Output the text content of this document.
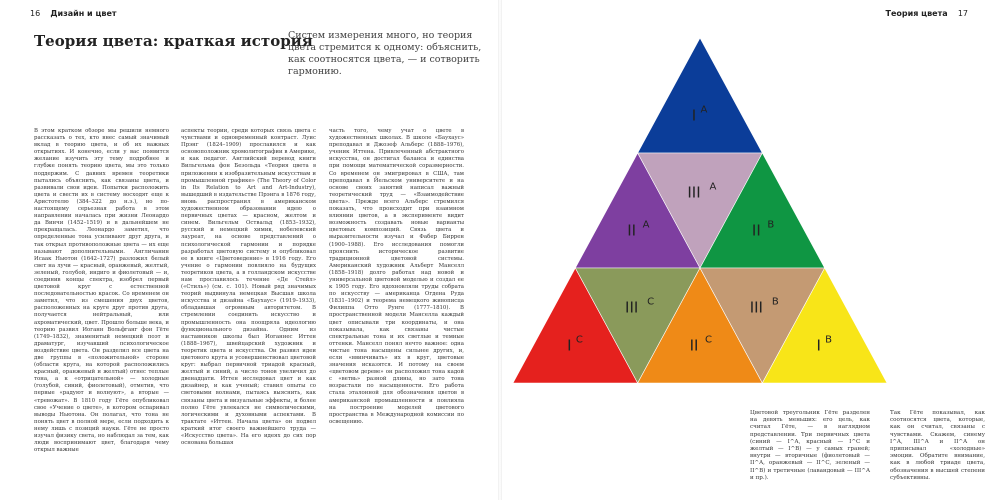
16 Дизайн и цвет
Теория цвета: краткая история
Систем измерения много, но теория цвета стремится к одному: объяснить, как соотносятся цвета, — и сотворить гармонию.
В этом кратком обзоре мы решили немного рассказать о тех, кто внес самый значимый вклад в теорию цвета, и об их важных открытиях. И конечно, если у вас появится желание изучить эту тему подробнее и глубже понять теорию цвета, мы это только поддержим. С давних времен теоретики пытались объяснить, как связаны цвета, и развивали свои идеи. Попытки расположить цвета и свести их в систему восходят еще к Аристотелю (384–322 до н.э.), но по-настоящему серьезная работа в этом направлении началась при жизни Леонардо да Винчи (1452–1519) и в дальнейшем не прекращалась. Леонардо заметил, что определенные тона усиливают друг друга, и так открыл противоположные цвета — их еще называют дополнительными. Англичанин Исаак Ньютон (1642–1727) разложил белый свет на лучи — красный, оранжевый, желтый, зеленый, голубой, индиго и фиолетовый — и, соединив концы спектра, изобрел первый цветовой круг с естественной последовательностью красок. Со временем он заметил, что из смешения двух цветов, расположенных на круге друг против друга, получается нейтральный, или ахроматический, цвет. Прошло больше века, и теорию развил Иоганн Вольфганг фон Гёте (1749–1832), знаменитый немецкий поэт и драматург, изучавший психологическое воздействие цвета. Он разделил все цвета на две группы в «положительной» стороне (области круга, на которой расположились красный, оранжевый и желтый) отнес теплые тона, а к «отрицательной» — холодные (голубой, синий, фиолетовый), отметив, что первые «радуют и волнуют», а вторые — «тревожат». В 1810 году Гёте опубликовал свое «Учение о цвете», в котором оспаривал выводы Ньютона. Он полагал, что тона не понять цвет в полной мере, если подходить к нему лишь с позиций науки. Гёте не просто изучал физику света, но наблюдал за тем, как люди воспринимают цвет, благодаря чему открыл важные
аспекты теории, среди которых связь цвета с чувствами и одновременный контраст. Луис Прэнг (1824–1909) прославился и как основоположник хромолитографии в Америке, и как педагог. Английский перевод книги Вильгельма фон Безольда «Теория цвета в приложении к изобразительным искусствам и промышленной графике» (The Theory of Color in Its Relation to Art and Art-Industry), вышедший в издательстве Прэнга в 1876 году, вновь распространил в американском художественном образовании идею о первичных цветах — красном, желтом и синем. Вильгельм Оствальд (1853–1932), русский и немецкий химик, нобелевский лауреат, на основе представлений о психологической гармонии и порядке разработал цветовую систему и опубликовал ее в книге «Цветоведение» в 1916 году. Его учение о гармонии повлияло на будущих теоретиков цвета, а в голландском искусстве нам прославилось течение «Де Стейл» («Стиль») (см. с. 101). Новый ряд значимых теорий выдвинула немецкая Высшая школа искусства и дизайна «Баухаус» (1919–1933), обладавшая огромным авторитетом. В стремлении соединить искусство и промышленность она поощряла идеологию функционального дизайна. Одним из наставников школы был Иоганнес Иттен (1888–1967), швейцарский художник и теоретик цвета и искусства. Он развил идеи цветового круга и усовершенствовал цветовой круг: выбрал первичной триадой красный, желтый и синий, а число тонов увеличил до двенадцати. Иттен исследовал цвет и как дизайнер, и как ученый; ставил опыты со световыми волнами, пытаясь выяснить, как связаны цвета и визуальные эффекты, и более полно Гёте увлекался не символическими, логическими и духовными аспектами. В трактате «Иттен. Начала цвета» он подвел краткий итог своего важнейшего труда — «Искусство цвета». На его идеях до сих пор основана большая
часть того, чему учат о цвете в художественных школах. В школе «Баухаус» преподавал и Джозеф Альберс (1888–1976), ученик Иттена. Привлеченный абстрактного искусства, он достигал баланса и единства при помощи математической соразмерности. Со временем он эмигрировал в США, там преподавал в Йельском университете и на основе своих занятий написал важный теоретический труд — «Взаимодействие цвета». Прежде всего Альберс стремился показать, что происходит при взаимном влиянии цветов, а в эксперименте видит возможность создавать новые варианты цветовых композиций. Связь цвета и выразительности изучал и Фабер Биррен (1900–1988). Его исследования помогли прояснить историческое развитие традиционной цветовой системы. Американский художник Альберт Манселл (1858–1918) долго работал над новой и универсальной цветовой моделью и создал ее к 1905 году. Его вдохновляли труды собрата по искусству — американца Огдена Руда (1831–1902) и теорема немецкого живописца Филиппа Отто Рунге (1777–1810). В пространственной модели Манселла каждый цвет описывали три координаты, и она показывала, как связаны чистые спектральные тона и их светлые и темные оттенки. Манселл понял нечто важное: одна чистые тона насыщены сильнее других, и, если «ввинчивать» их в круг, цветовые значения исказятся. И потому на своем «цветовом дереве» он расположил тона кадой с «ветвь» разной длины, но зато тона возрастали по насыщенности. Его работа стала эталонной для обозначения цветов в американской промышленности и повлияла на построение моделей цветового пространства в Международной комиссии по освещению.
Теория цвета 17
I A
II A
III A
II B
I C
III C
II C
III B
I B
Цветовой треугольник Гёте разделен на девять меньших: его цель, как считал Гёте, — в наглядном представлении. Три первичных цвета (синий — I^A, красный — I^C и желтый — I^B) — у самых граней; внутри — вторичные (фиолетовый — II^A, оранжевый — II^C, зеленый — II^B) и третичные (лавандовый — III^A и пр.).
Так Гёте показывал, как соотносятся цвета, которые, как он считал, связаны с чувствами. Скажем, синему I^A, III^A и II^A он приписывал «холодные» эмоции. Обратите внимание, как в любой триаде цвета, обозначения в высшей степени субъективны.
